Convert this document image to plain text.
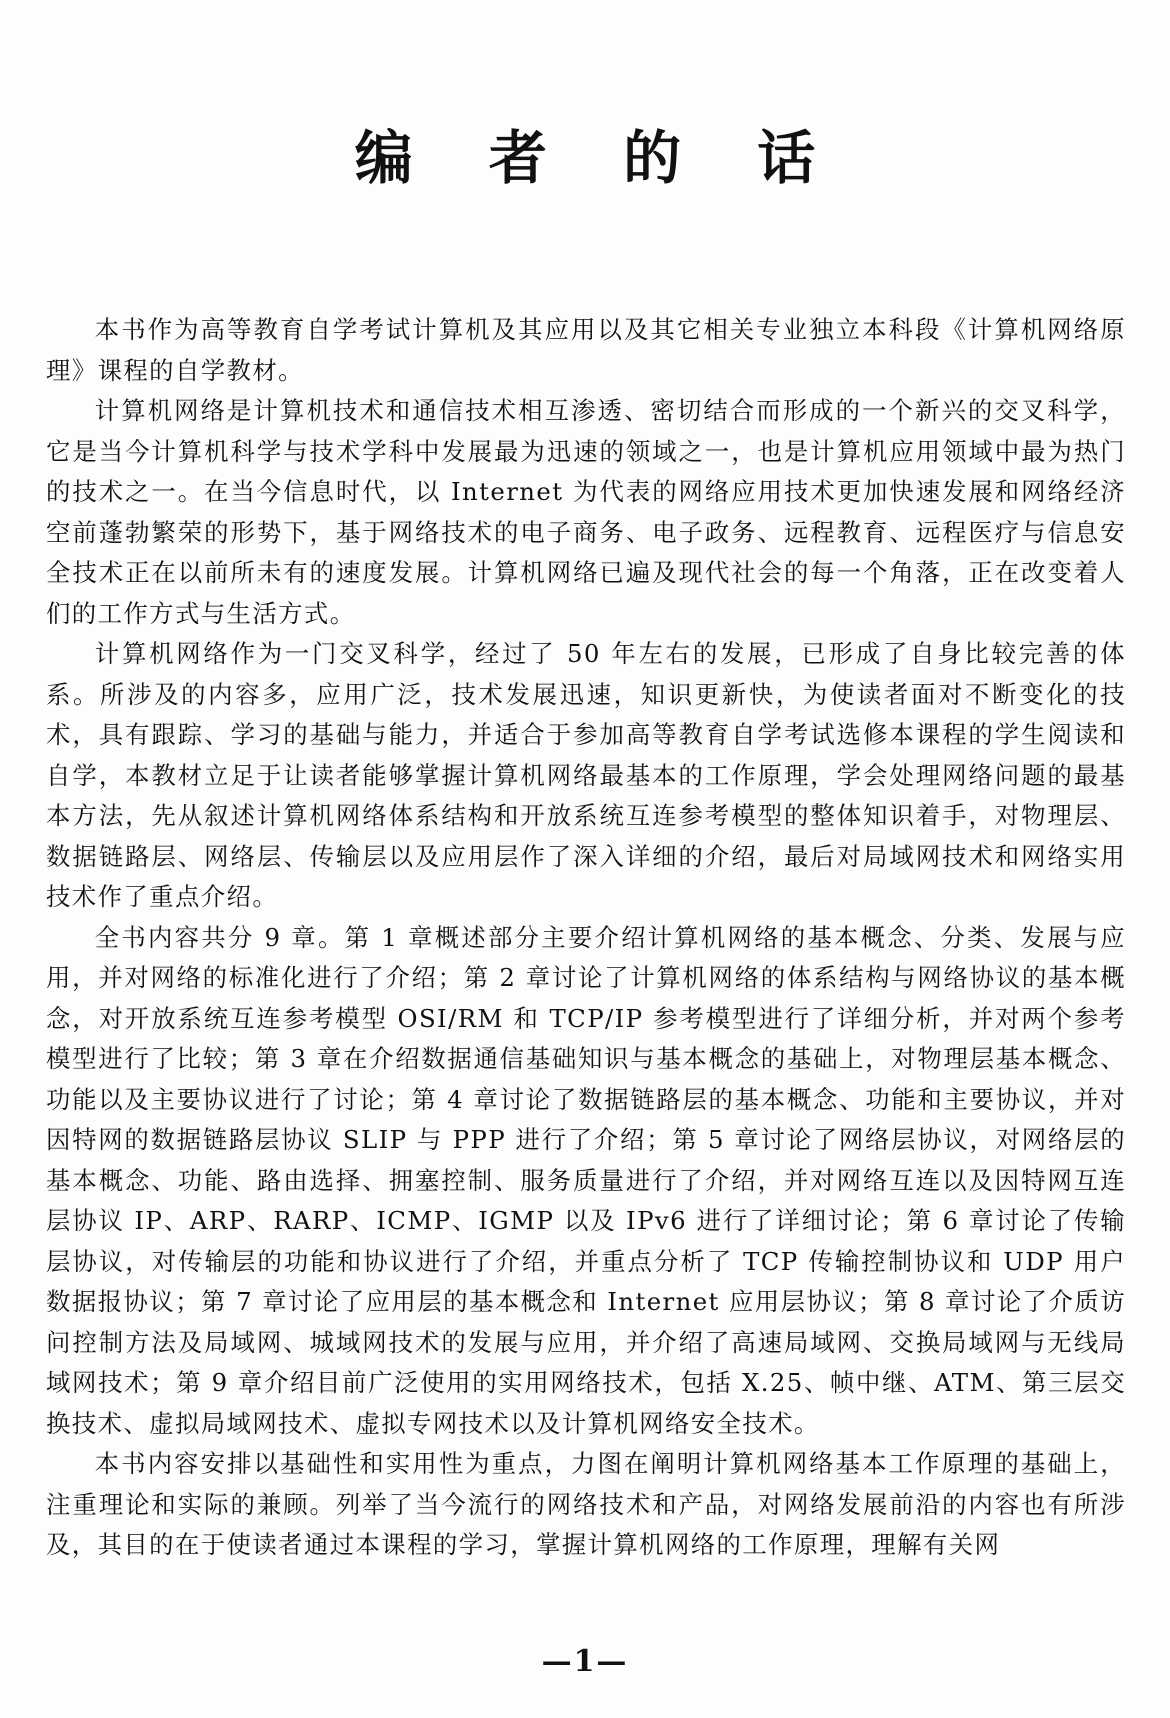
编 者 的 话

本书作为高等教育自学考试计算机及其应用以及其它相关专业独立本科段《计算机网络原理》课程的自学教材。

计算机网络是计算机技术和通信技术相互渗透、密切结合而形成的一个新兴的交叉科学，它是当今计算机科学与技术学科中发展最为迅速的领域之一，也是计算机应用领域中最为热门的技术之一。在当今信息时代，以 Internet 为代表的网络应用技术更加快速发展和网络经济空前蓬勃繁荣的形势下，基于网络技术的电子商务、电子政务、远程教育、远程医疗与信息安全技术正在以前所未有的速度发展。计算机网络已遍及现代社会的每一个角落，正在改变着人们的工作方式与生活方式。

计算机网络作为一门交叉科学，经过了 50 年左右的发展，已形成了自身比较完善的体系。所涉及的内容多，应用广泛，技术发展迅速，知识更新快，为使读者面对不断变化的技术，具有跟踪、学习的基础与能力，并适合于参加高等教育自学考试选修本课程的学生阅读和自学，本教材立足于让读者能够掌握计算机网络最基本的工作原理，学会处理网络问题的最基本方法，先从叙述计算机网络体系结构和开放系统互连参考模型的整体知识着手，对物理层、数据链路层、网络层、传输层以及应用层作了深入详细的介绍，最后对局域网技术和网络实用技术作了重点介绍。

全书内容共分 9 章。第 1 章概述部分主要介绍计算机网络的基本概念、分类、发展与应用，并对网络的标准化进行了介绍；第 2 章讨论了计算机网络的体系结构与网络协议的基本概念，对开放系统互连参考模型 OSI/RM 和 TCP/IP 参考模型进行了详细分析，并对两个参考模型进行了比较；第 3 章在介绍数据通信基础知识与基本概念的基础上，对物理层基本概念、功能以及主要协议进行了讨论；第 4 章讨论了数据链路层的基本概念、功能和主要协议，并对因特网的数据链路层协议 SLIP 与 PPP 进行了介绍；第 5 章讨论了网络层协议，对网络层的基本概念、功能、路由选择、拥塞控制、服务质量进行了介绍，并对网络互连以及因特网互连层协议 IP、ARP、RARP、ICMP、IGMP 以及 IPv6 进行了详细讨论；第 6 章讨论了传输层协议，对传输层的功能和协议进行了介绍，并重点分析了 TCP 传输控制协议和 UDP 用户数据报协议；第 7 章讨论了应用层的基本概念和 Internet 应用层协议；第 8 章讨论了介质访问控制方法及局域网、城域网技术的发展与应用，并介绍了高速局域网、交换局域网与无线局域网技术；第 9 章介绍目前广泛使用的实用网络技术，包括 X.25、帧中继、ATM、第三层交换技术、虚拟局域网技术、虚拟专网技术以及计算机网络安全技术。

本书内容安排以基础性和实用性为重点，力图在阐明计算机网络基本工作原理的基础上，注重理论和实际的兼顾。列举了当今流行的网络技术和产品，对网络发展前沿的内容也有所涉及，其目的在于使读者通过本课程的学习，掌握计算机网络的工作原理，理解有关网

—1—
